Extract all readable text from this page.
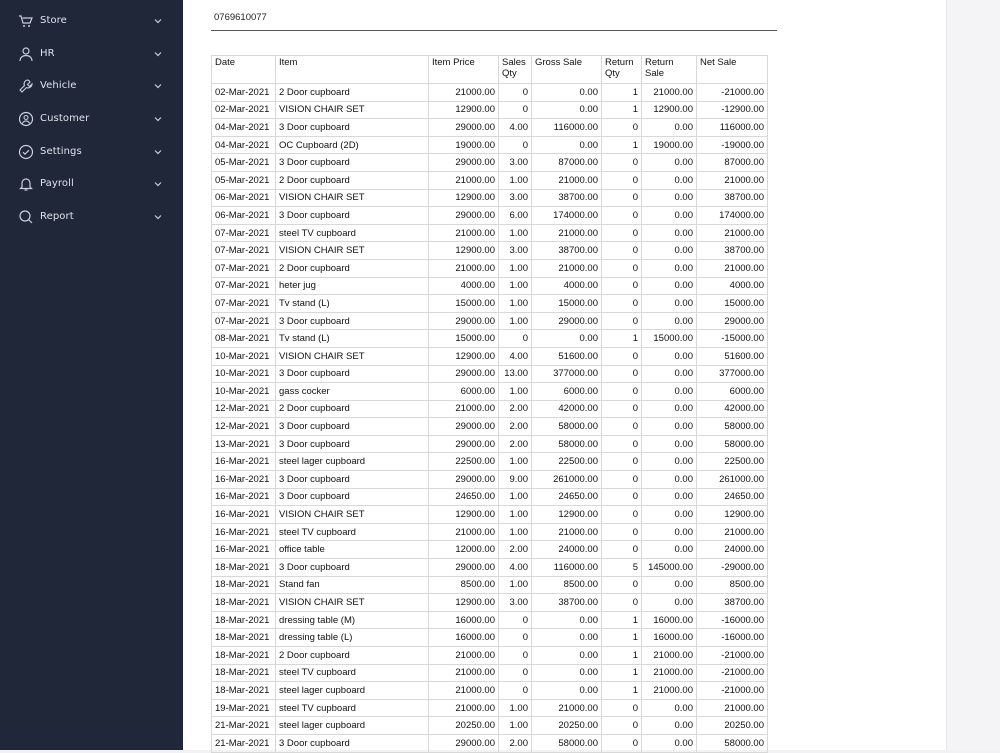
Store
HR
Vehicle
Customer
Settings
Payroll
Report
0769610077
Date	Item	Item Price	Sales Qty	Gross Sale	Return Qty	Return Sale	Net Sale
02-Mar-2021	2 Door cupboard	21000.00	0	0.00	1	21000.00	-21000.00
02-Mar-2021	VISION CHAIR SET	12900.00	0	0.00	1	12900.00	-12900.00
04-Mar-2021	3 Door cupboard	29000.00	4.00	116000.00	0	0.00	116000.00
04-Mar-2021	OC Cupboard (2D)	19000.00	0	0.00	1	19000.00	-19000.00
05-Mar-2021	3 Door cupboard	29000.00	3.00	87000.00	0	0.00	87000.00
05-Mar-2021	2 Door cupboard	21000.00	1.00	21000.00	0	0.00	21000.00
06-Mar-2021	VISION CHAIR SET	12900.00	3.00	38700.00	0	0.00	38700.00
06-Mar-2021	3 Door cupboard	29000.00	6.00	174000.00	0	0.00	174000.00
07-Mar-2021	steel TV cupboard	21000.00	1.00	21000.00	0	0.00	21000.00
07-Mar-2021	VISION CHAIR SET	12900.00	3.00	38700.00	0	0.00	38700.00
07-Mar-2021	2 Door cupboard	21000.00	1.00	21000.00	0	0.00	21000.00
07-Mar-2021	heter jug	4000.00	1.00	4000.00	0	0.00	4000.00
07-Mar-2021	Tv stand (L)	15000.00	1.00	15000.00	0	0.00	15000.00
07-Mar-2021	3 Door cupboard	29000.00	1.00	29000.00	0	0.00	29000.00
08-Mar-2021	Tv stand (L)	15000.00	0	0.00	1	15000.00	-15000.00
10-Mar-2021	VISION CHAIR SET	12900.00	4.00	51600.00	0	0.00	51600.00
10-Mar-2021	3 Door cupboard	29000.00	13.00	377000.00	0	0.00	377000.00
10-Mar-2021	gass cocker	6000.00	1.00	6000.00	0	0.00	6000.00
12-Mar-2021	2 Door cupboard	21000.00	2.00	42000.00	0	0.00	42000.00
12-Mar-2021	3 Door cupboard	29000.00	2.00	58000.00	0	0.00	58000.00
13-Mar-2021	3 Door cupboard	29000.00	2.00	58000.00	0	0.00	58000.00
16-Mar-2021	steel lager cupboard	22500.00	1.00	22500.00	0	0.00	22500.00
16-Mar-2021	3 Door cupboard	29000.00	9.00	261000.00	0	0.00	261000.00
16-Mar-2021	3 Door cupboard	24650.00	1.00	24650.00	0	0.00	24650.00
16-Mar-2021	VISION CHAIR SET	12900.00	1.00	12900.00	0	0.00	12900.00
16-Mar-2021	steel TV cupboard	21000.00	1.00	21000.00	0	0.00	21000.00
16-Mar-2021	office table	12000.00	2.00	24000.00	0	0.00	24000.00
18-Mar-2021	3 Door cupboard	29000.00	4.00	116000.00	5	145000.00	-29000.00
18-Mar-2021	Stand fan	8500.00	1.00	8500.00	0	0.00	8500.00
18-Mar-2021	VISION CHAIR SET	12900.00	3.00	38700.00	0	0.00	38700.00
18-Mar-2021	dressing table (M)	16000.00	0	0.00	1	16000.00	-16000.00
18-Mar-2021	dressing table (L)	16000.00	0	0.00	1	16000.00	-16000.00
18-Mar-2021	2 Door cupboard	21000.00	0	0.00	1	21000.00	-21000.00
18-Mar-2021	steel TV cupboard	21000.00	0	0.00	1	21000.00	-21000.00
18-Mar-2021	steel lager cupboard	21000.00	0	0.00	1	21000.00	-21000.00
19-Mar-2021	steel TV cupboard	21000.00	1.00	21000.00	0	0.00	21000.00
21-Mar-2021	steel lager cupboard	20250.00	1.00	20250.00	0	0.00	20250.00
21-Mar-2021	3 Door cupboard	29000.00	2.00	58000.00	0	0.00	58000.00
